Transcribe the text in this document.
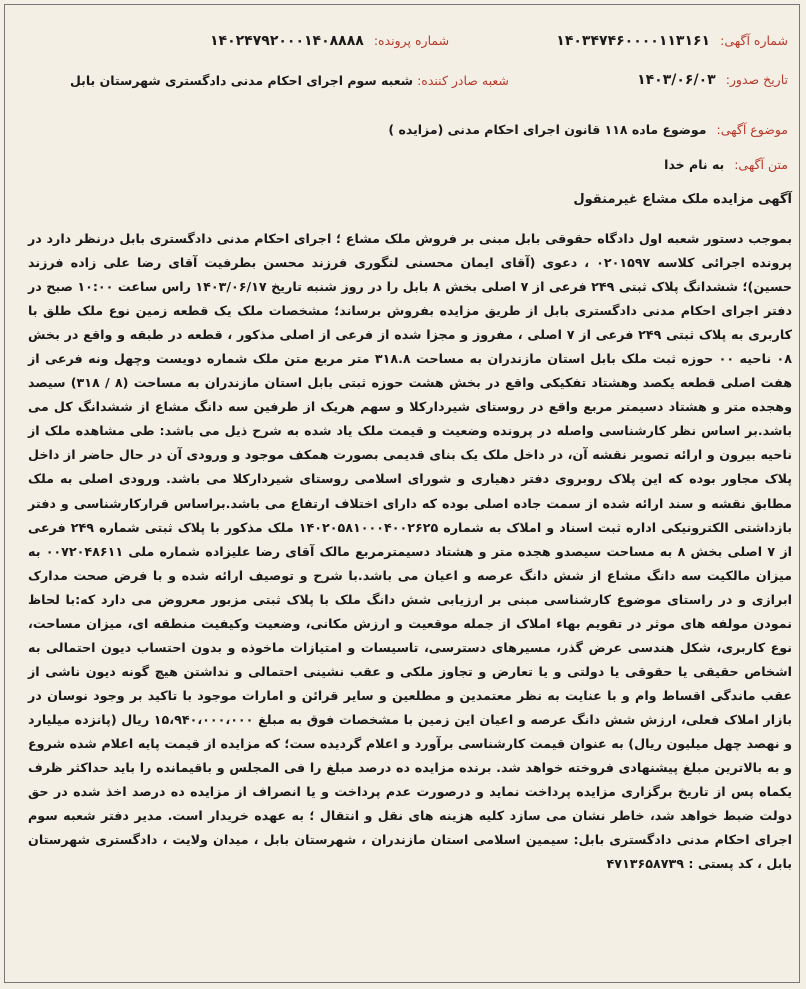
شماره آگهی:۱۴۰۳۴۷۴۶۰۰۰۰۱۱۳۱۶۱
شماره پرونده:۱۴۰۲۴۷۹۲۰۰۰۱۴۰۸۸۸۸
تاریخ صدور:۱۴۰۳/۰۶/۰۳
شعبه صادر کننده:شعبه سوم اجرای احکام مدنی دادگستری شهرستان بابل
موضوع آگهی:موضوع ماده ۱۱۸ قانون اجرای احکام مدنی (مزایده )
متن آگهی:به نام خدا
آگهی مزایده ملک مشاع غیرمنقول
بموجب دستور شعبه اول دادگاه حقوقی بابل مبنی بر فروش ملک مشاع ؛ اجرای احکام مدنی دادگستری بابل درنظر دارد در پرونده اجرائی کلاسه ۰۲۰۱۵۹۷ ، دعوی (آقای ایمان محسنی لنگوری فرزند محسن بطرفیت آقای رضا علی زاده فرزند حسین)؛ ششدانگ پلاک ثبتی ۲۴۹ فرعی از ۷ اصلی بخش ۸ بابل را در روز شنبه تاریخ ۱۴۰۳/۰۶/۱۷ راس ساعت ۱۰:۰۰ صبح در دفتر اجرای احکام مدنی دادگستری بابل از طریق مزایده بفروش برساند؛ مشخصات ملک یک قطعه زمین نوع ملک طلق با کاربری به پلاک ثبتی ۲۴۹ فرعی از ۷ اصلی ، مفروز و مجزا شده از فرعی از اصلی مذکور ، قطعه در طبقه و واقع در بخش ۰۸ ناحیه ۰۰ حوزه ثبت ملک بابل استان مازندران به مساحت ۳۱۸.۸ متر مربع متن ملک شماره دویست وچهل ونه فرعی از هفت اصلی قطعه یکصد وهشتاد تفکیکی واقع در بخش هشت حوزه ثبتی بابل استان مازندران به مساحت (۸ / ۳۱۸) سیصد وهجده متر و هشتاد دسیمتر مربع واقع در روستای شیردارکلا و سهم هریک از طرفین سه دانگ مشاع از ششدانگ کل می باشد.بر اساس نظر کارشناسی واصله در پرونده وضعیت و قیمت ملک یاد شده به شرح ذیل می باشد: طی مشاهده ملک از ناحیه بیرون و ارائه تصویر نقشه آن، در داخل ملک یک بنای قدیمی بصورت همکف موجود و ورودی آن در حال حاضر از داخل پلاک مجاور بوده که این پلاک روبروی دفتر دهیاری و شورای اسلامی روستای شیردارکلا می باشد. ورودی اصلی به ملک مطابق نقشه و سند ارائه شده از سمت جاده اصلی بوده که دارای اختلاف ارتفاع می باشد.براساس قرارکارشناسی و دفتر بازداشتی الکترونیکی اداره ثبت اسناد و املاک به شماره ۱۴۰۲۰۵۸۱۰۰۰۴۰۰۲۶۲۵ ملک مذکور با پلاک ثبتی شماره ۲۴۹ فرعی از ۷ اصلی بخش ۸ به مساحت سیصدو هجده متر و هشتاد دسیمترمربع مالک آقای رضا علیزاده شماره ملی ۰۰۷۲۰۴۸۶۱۱ به میزان مالکیت سه دانگ مشاع از شش دانگ عرصه و اعیان می باشد.با شرح و توصیف ارائه شده و با فرض صحت مدارک ابرازی و در راستای موضوع کارشناسی مبنی بر ارزیابی شش دانگ ملک با پلاک ثبتی مزبور معروض می دارد که:با لحاظ نمودن مولفه های موثر در تقویم بهاء املاک از جمله موقعیت و ارزش مکانی، وضعیت وکیفیت منطقه ای، میزان مساحت، نوع کاربری، شکل هندسی عرض گذر، مسیرهای دسترسی، تاسیسات و امتیازات ماخوذه و بدون احتساب دیون احتمالی به اشخاص حقیقی یا حقوقی یا دولتی و یا تعارض و تجاوز ملکی و عقب نشینی احتمالی و نداشتن هیچ گونه دیون ناشی از عقب ماندگی اقساط وام و با عنایت به نظر معتمدین و مطلعین و سایر قرائن و امارات موجود با تاکید بر وجود نوسان در بازار املاک فعلی، ارزش شش دانگ عرصه و اعیان این زمین با مشخصات فوق به مبلغ ۱۵،۹۴۰،۰۰۰،۰۰۰ ریال (پانزده میلیارد و نهصد چهل میلیون ریال) به عنوان قیمت کارشناسی برآورد و اعلام گردیده ست؛ که مزایده از قیمت پایه اعلام شده شروع و به بالاترین مبلغ پیشنهادی فروخته خواهد شد. برنده مزایده ده درصد مبلغ را فی المجلس و باقیمانده را باید حداکثر ظرف یکماه پس از تاریخ برگزاری مزایده پرداخت نماید و درصورت عدم پرداخت و یا انصراف از مزایده ده درصد اخذ شده در حق دولت ضبط خواهد شد، خاطر نشان می سازد کلیه هزینه های نقل و انتقال ؛ به عهده خریدار است. مدیر دفتر شعبه سوم اجرای احکام مدنی دادگستری بابل: سیمین اسلامی استان مازندران ، شهرستان بابل ، میدان ولایت ، دادگستری شهرستان بابل ، کد پستی : ۴۷۱۳۶۵۸۷۳۹
